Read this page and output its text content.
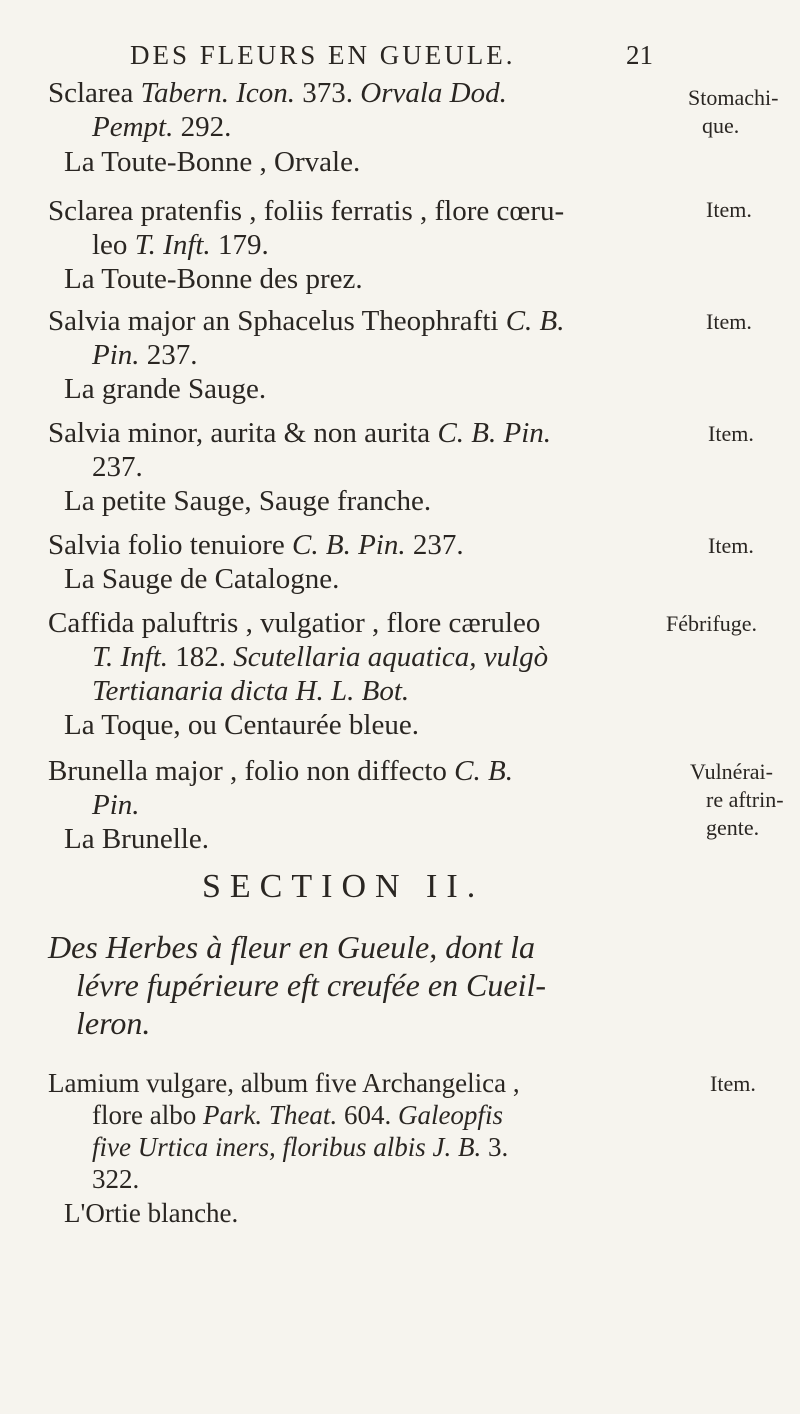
DES FLEURS EN GUEULE.	21
Sclarea Tabern. Icon. 373. Orvala Dod.
Pempt. 292.
La Toute-Bonne , Orvale.
Stomachi-
que.
Sclarea pratenfis , foliis ferratis , flore cœru-
leo T. Inft. 179.
La Toute-Bonne des prez.
Item.
Salvia major an Sphacelus Theophrafti C. B.
Pin. 237.
La grande Sauge.
Item.
Salvia minor, aurita & non aurita C. B. Pin.
237.
La petite Sauge, Sauge franche.
Item.
Salvia folio tenuiore C. B. Pin. 237.
La Sauge de Catalogne.
Item.
Caffida paluftris , vulgatior , flore cæruleo
T. Inft. 182. Scutellaria aquatica, vulgò
Tertianaria dicta H. L. Bot.
La Toque, ou Centaurée bleue.
Fébrifuge.
Brunella major , folio non diffecto C. B.
Pin.
La Brunelle.
Vulnérai-
re aftrin-
gente.
SECTION II.
Des Herbes à fleur en Gueule, dont la
lévre fupérieure eft creufée en Cueil-
leron.
Lamium vulgare, album five Archangelica ,
flore albo Park. Theat. 604. Galeopfis
five Urtica iners, floribus albis J. B. 3.
322.
L'Ortie blanche.
Item.
